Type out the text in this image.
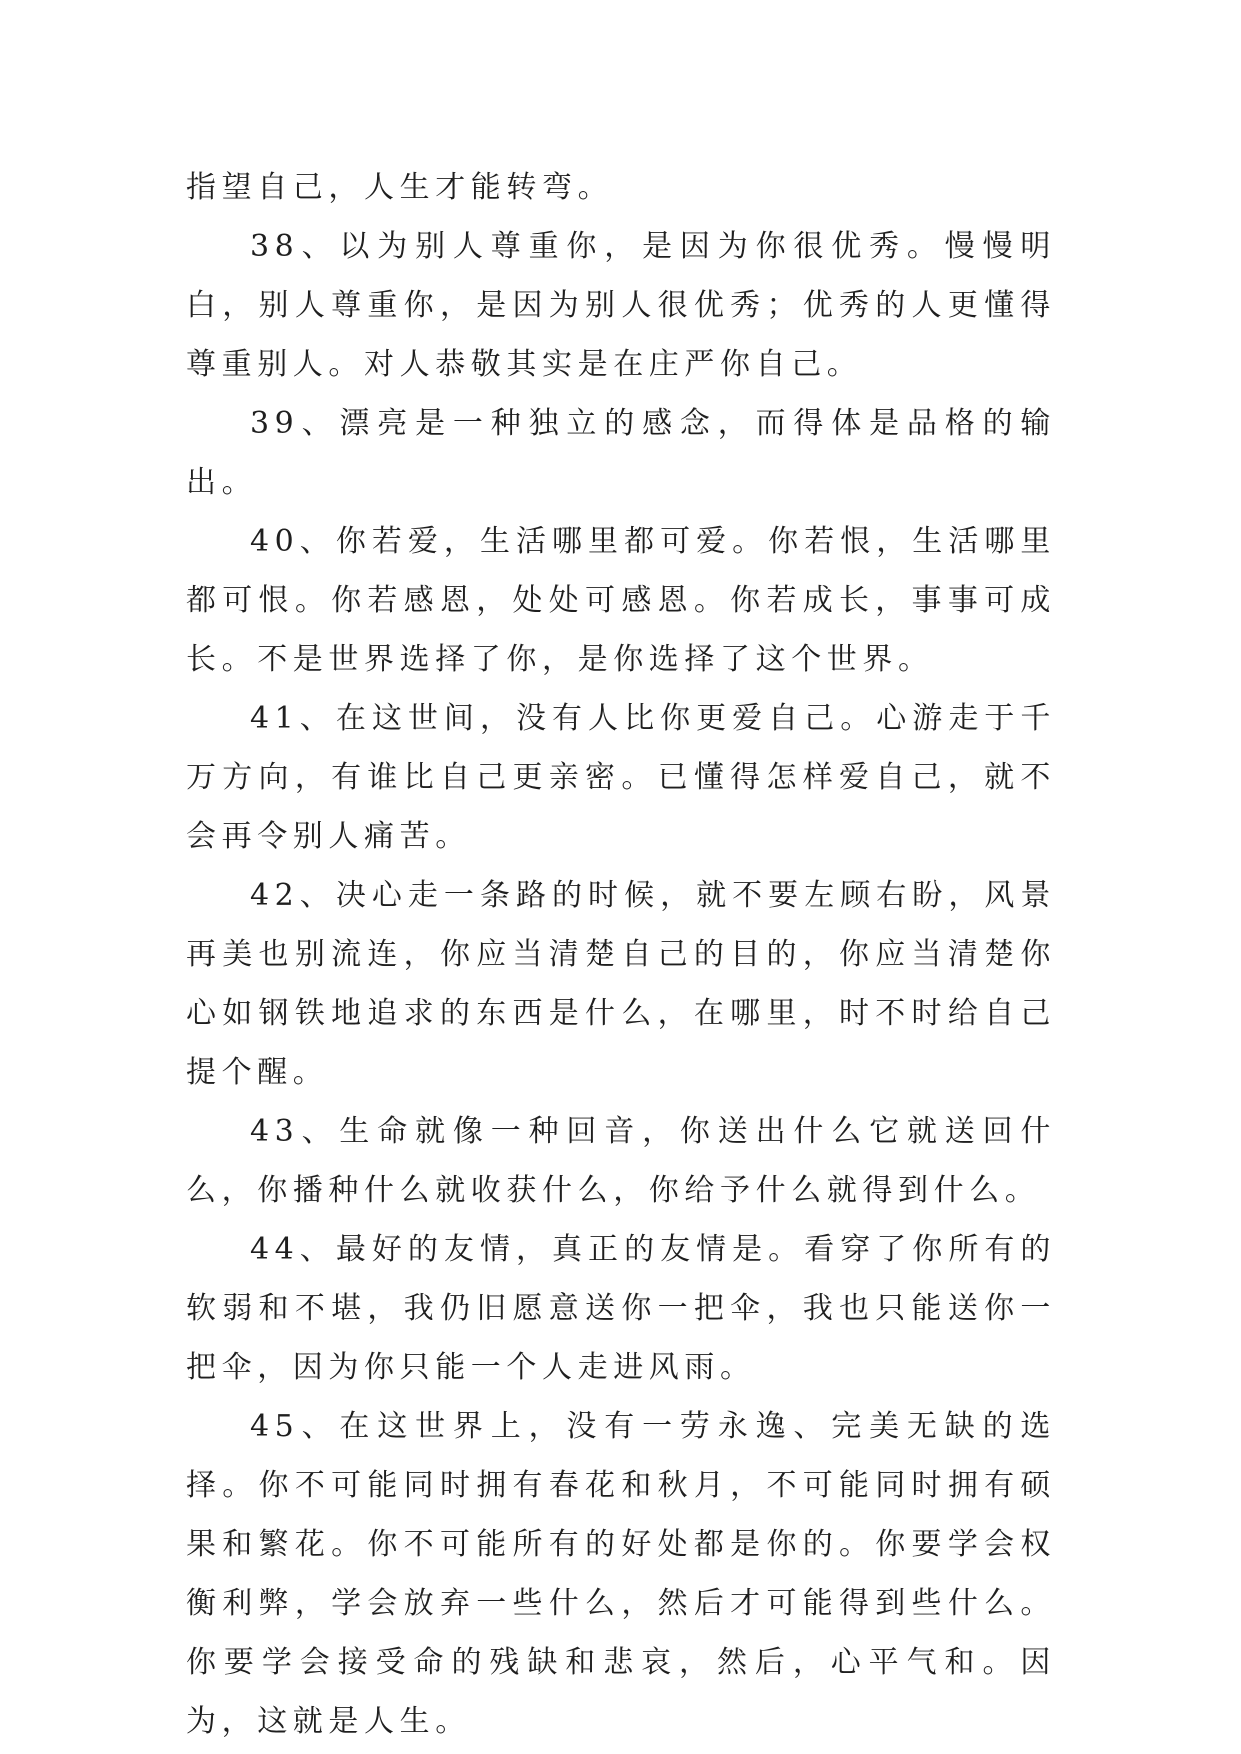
指望自己，人生才能转弯。

38、以为别人尊重你，是因为你很优秀。慢慢明白，别人尊重你，是因为别人很优秀；优秀的人更懂得尊重别人。对人恭敬其实是在庄严你自己。

39、漂亮是一种独立的感念，而得体是品格的输出。

40、你若爱，生活哪里都可爱。你若恨，生活哪里都可恨。你若感恩，处处可感恩。你若成长，事事可成长。不是世界选择了你，是你选择了这个世界。

41、在这世间，没有人比你更爱自己。心游走于千万方向，有谁比自己更亲密。已懂得怎样爱自己，就不会再令别人痛苦。

42、决心走一条路的时候，就不要左顾右盼，风景再美也别流连，你应当清楚自己的目的，你应当清楚你心如钢铁地追求的东西是什么，在哪里，时不时给自己提个醒。

43、生命就像一种回音，你送出什么它就送回什么，你播种什么就收获什么，你给予什么就得到什么。

44、最好的友情，真正的友情是。看穿了你所有的软弱和不堪，我仍旧愿意送你一把伞，我也只能送你一把伞，因为你只能一个人走进风雨。

45、在这世界上，没有一劳永逸、完美无缺的选择。你不可能同时拥有春花和秋月，不可能同时拥有硕果和繁花。你不可能所有的好处都是你的。你要学会权衡利弊，学会放弃一些什么，然后才可能得到些什么。你要学会接受命的残缺和悲哀，然后，心平气和。因为，这就是人生。
